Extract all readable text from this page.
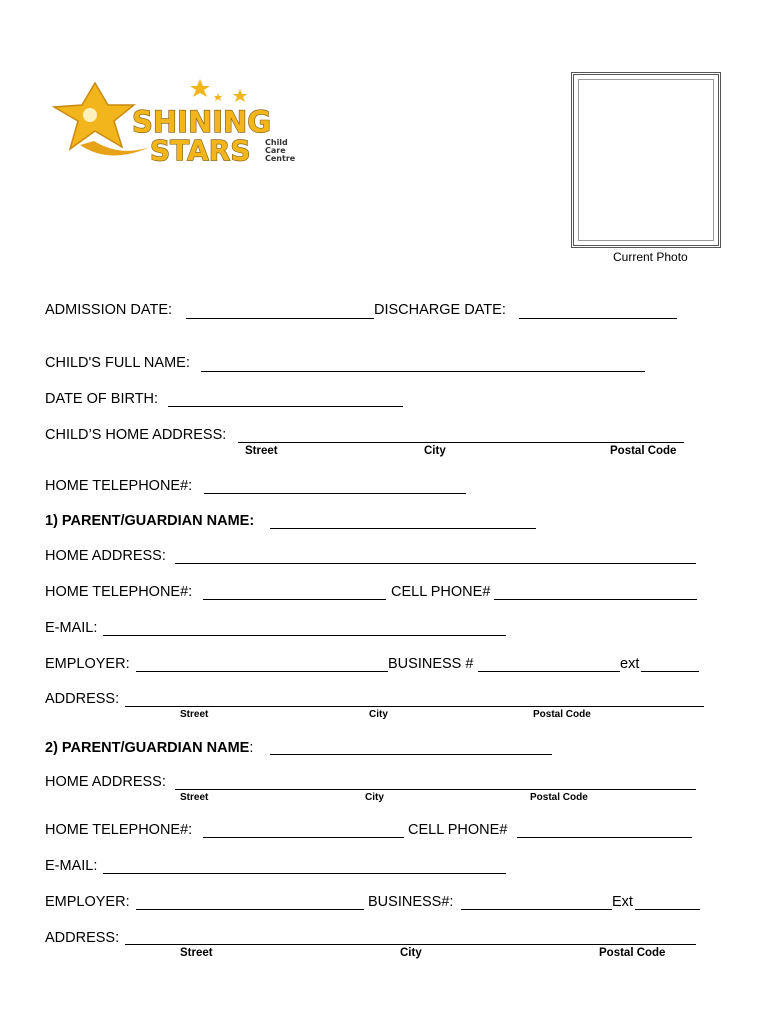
SHINING
STARS Child
Care
Centre
Current Photo
ADMISSION DATE:	DISCHARGE DATE:
CHILD'S FULL NAME:
DATE OF BIRTH:
CHILD’S HOME ADDRESS:
Street	City	Postal Code
HOME TELEPHONE#:
1) PARENT/GUARDIAN NAME:
HOME ADDRESS:
HOME TELEPHONE#:	CELL PHONE#
E-MAIL:
EMPLOYER:	BUSINESS #	ext
ADDRESS:
Street	City	Postal Code
2) PARENT/GUARDIAN NAME:
HOME ADDRESS:
Street	City	Postal Code
HOME TELEPHONE#:	CELL PHONE#
E-MAIL:
EMPLOYER:	BUSINESS#:	Ext
ADDRESS:
Street	City	Postal Code
